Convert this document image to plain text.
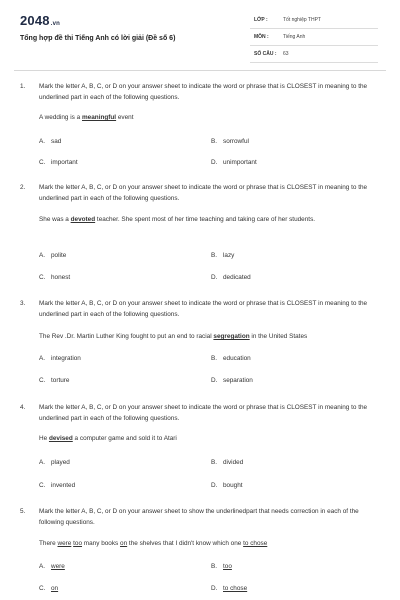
2048.vn
Tổng hợp đề thi Tiếng Anh có lời giải (Đề số 6)
LỚP :	Tốt nghiệp THPT
MÔN :	Tiếng Anh
SỐ CÂU : 63
1. Mark the letter A, B, C, or D on your answer sheet to indicate the word or phrase that is CLOSEST in meaning to the underlined part in each of the following questions.
A wedding is a meaningful event
A. sad	B. sorrowful
C. important	D. unimportant
2. Mark the letter A, B, C, or D on your answer sheet to indicate the word or phrase that is CLOSEST in meaning to the underlined part in each of the following questions.
She was a devoted teacher. She spent most of her time teaching and taking care of her students.
A. polite	B. lazy
C. honest	D. dedicated
3. Mark the letter A, B, C, or D on your answer sheet to indicate the word or phrase that is CLOSEST in meaning to the underlined part in each of the following questions.
The Rev .Dr. Martin Luther King fought to put an end to racial segregation in the United States
A. integration	B. education
C. torture	D. separation
4. Mark the letter A, B, C, or D on your answer sheet to indicate the word or phrase that is CLOSEST in meaning to the underlined part in each of the following questions.
He devised a computer game and sold it to Atari
A. played	B. divided
C. invented	D. bought
5. Mark the letter A, B, C, or D on your answer sheet to show the underlinedpart that needs correction in each of the following questions.
There were too many books on the shelves that I didn't know which one to chose
A. were	B. too
C. on	D. to chose
